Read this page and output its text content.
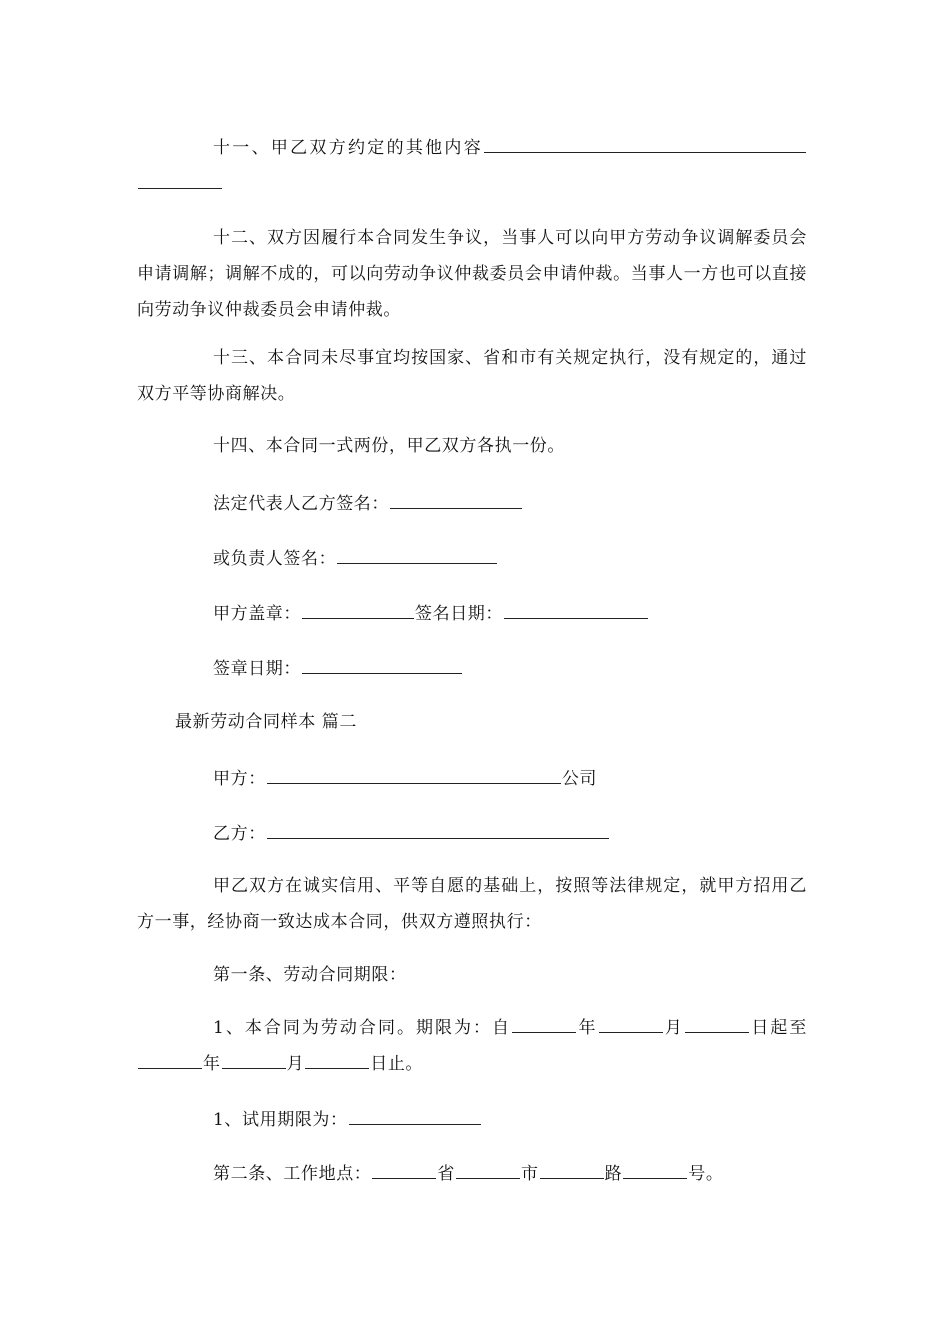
十一、甲乙双方约定的其他内容

十二、双方因履行本合同发生争议，当事人可以向甲方劳动争议调解委员会申请调解；调解不成的，可以向劳动争议仲裁委员会申请仲裁。当事人一方也可以直接向劳动争议仲裁委员会申请仲裁。

十三、本合同未尽事宜均按国家、省和市有关规定执行，没有规定的，通过双方平等协商解决。

十四、本合同一式两份，甲乙双方各执一份。

法定代表人乙方签名：
或负责人签名：
甲方盖章：	签名日期：
签章日期：
最新劳动合同样本 篇二
甲方：	公司
乙方：

甲乙双方在诚实信用、平等自愿的基础上，按照等法律规定，就甲方招用乙方一事，经协商一致达成本合同，供双方遵照执行：

第一条、劳动合同期限：
1、本合同为劳动合同。期限为：自	年	月	日起至 年	月	日止。
1、试用期限为：
第二条、工作地点：	省	市	路	号。
